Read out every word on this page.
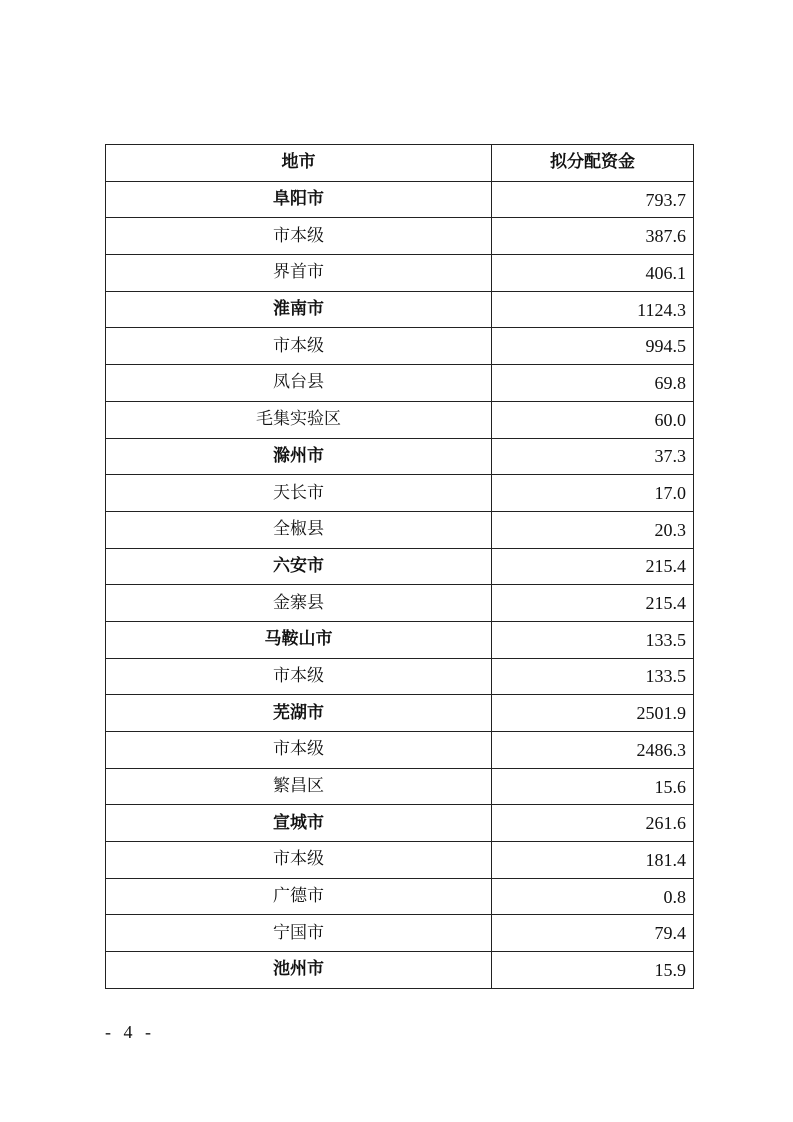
地市	拟分配资金
阜阳市	793.7
市本级	387.6
界首市	406.1
淮南市	1124.3
市本级	994.5
凤台县	69.8
毛集实验区	60.0
滁州市	37.3
天长市	17.0
全椒县	20.3
六安市	215.4
金寨县	215.4
马鞍山市	133.5
市本级	133.5
芜湖市	2501.9
市本级	2486.3
繁昌区	15.6
宣城市	261.6
市本级	181.4
广德市	0.8
宁国市	79.4
池州市	15.9
- 4 -
